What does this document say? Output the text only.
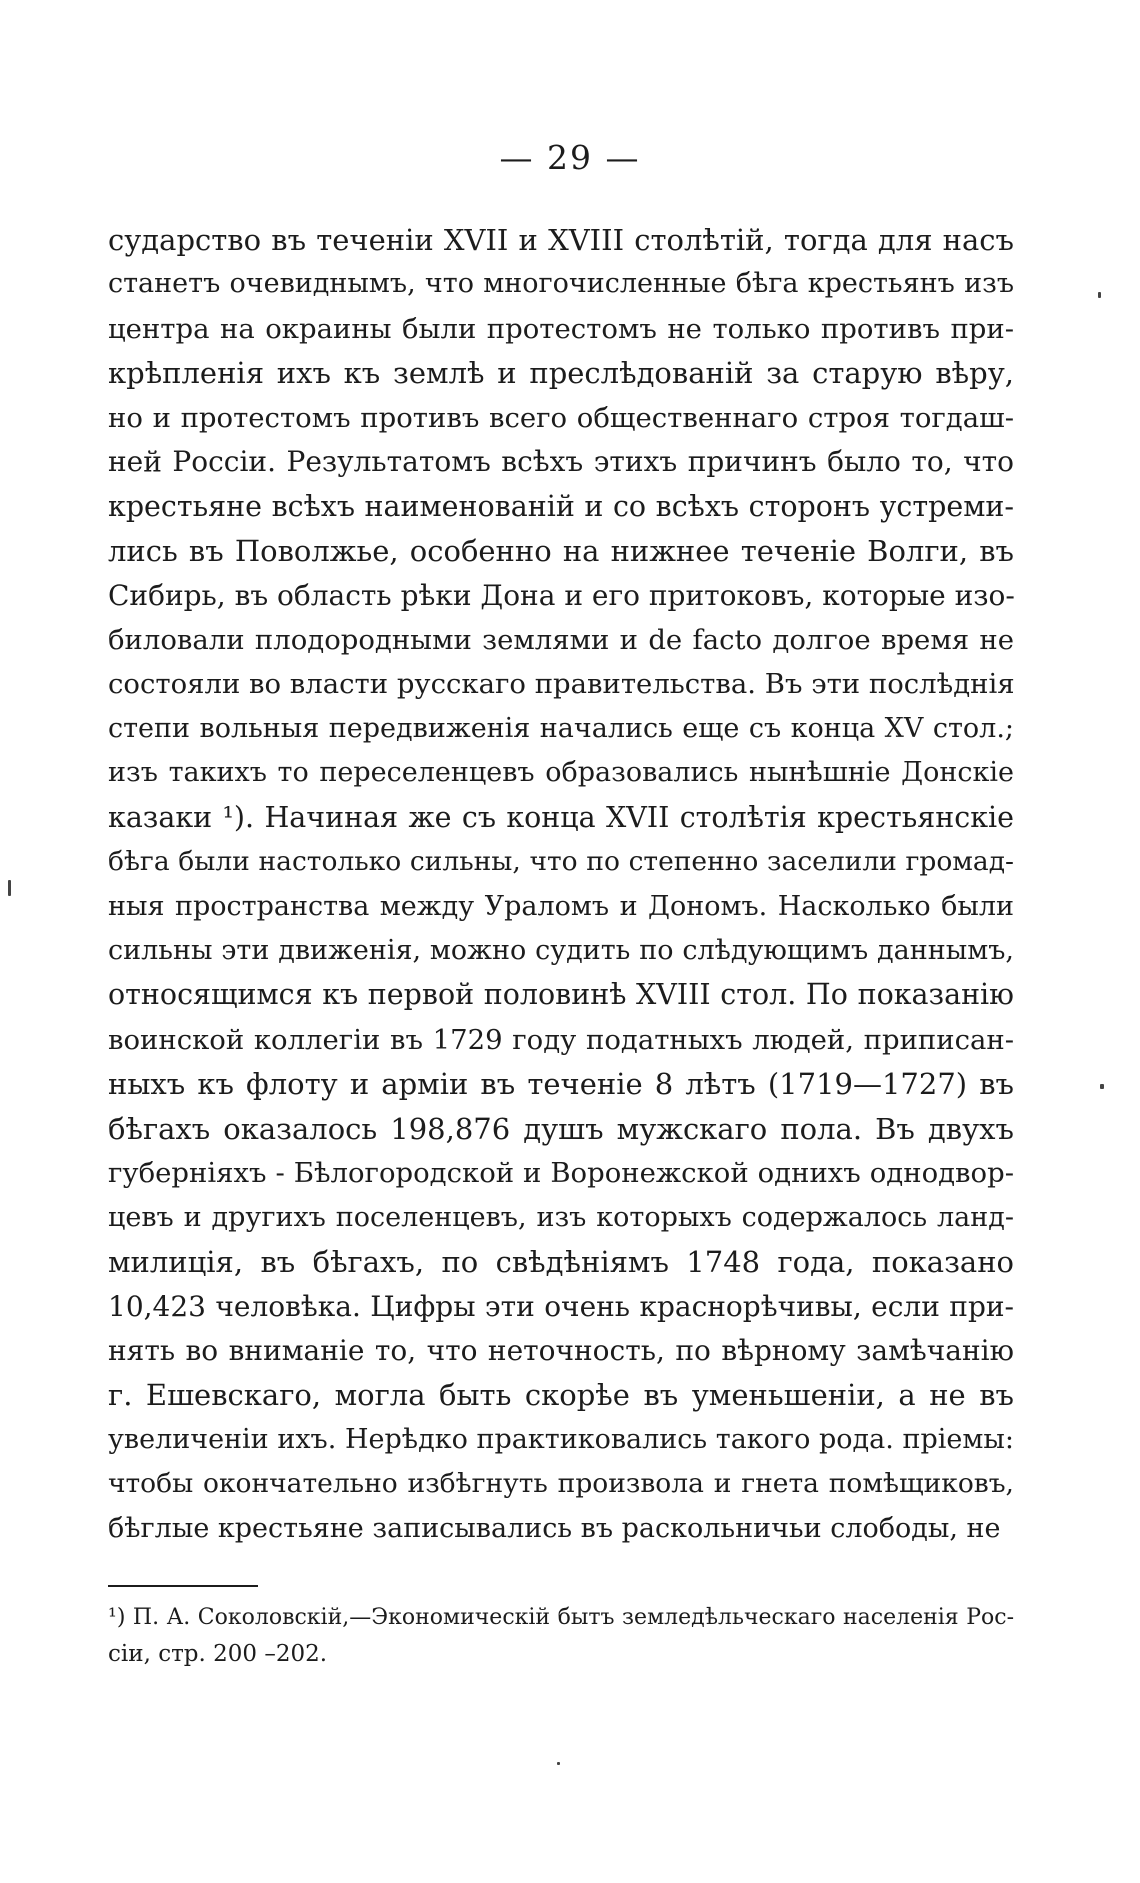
— 29 —
сударство въ теченіи XVII и XVIII столѣтій, тогда для насъ
станетъ очевиднымъ, что многочисленные бѣга крестьянъ изъ
центра на окраины были протестомъ не только противъ при-
крѣпленія ихъ къ землѣ и преслѣдованій за старую вѣру,
но и протестомъ противъ всего общественнаго строя тогдаш-
ней Россіи. Результатомъ всѣхъ этихъ причинъ было то, что
крестьяне всѣхъ наименованій и со всѣхъ сторонъ устреми-
лись въ Поволжье, особенно на нижнее теченіе Волги, въ
Сибирь, въ область рѣки Дона и его притоковъ, которые изо-
биловали плодородными землями и de facto долгое время не
состояли во власти русскаго правительства. Въ эти послѣднія
степи вольныя передвиженія начались еще съ конца XV стол.;
изъ такихъ то переселенцевъ образовались нынѣшніе Донскіе
казаки ¹). Начиная же съ конца XVII столѣтія крестьянскіе
бѣга были настолько сильны, что по степенно заселили громад-
ныя пространства между Ураломъ и Дономъ. Насколько были
сильны эти движенія, можно судить по слѣдующимъ даннымъ,
относящимся къ первой половинѣ XVIII стол. По показанію
воинской коллегіи въ 1729 году податныхъ людей, приписан-
ныхъ къ флоту и арміи въ теченіе 8 лѣтъ (1719—1727) въ
бѣгахъ оказалось 198,876 душъ мужскаго пола. Въ двухъ
губерніяхъ - Бѣлогородской и Воронежской однихъ однодвор-
цевъ и другихъ поселенцевъ, изъ которыхъ содержалось ланд-
милиція, въ бѣгахъ, по свѣдѣніямъ 1748 года, показано
10,423 человѣка. Цифры эти очень краснорѣчивы, если при-
нять во вниманіе то, что неточность, по вѣрному замѣчанію
г. Ешевскаго, могла быть скорѣе въ уменьшеніи, а не въ
увеличеніи ихъ. Нерѣдко практиковались такого рода. пріемы:
чтобы окончательно избѣгнуть произвола и гнета помѣщиковъ,
бѣглые крестьяне записывались въ раскольничьи слободы, не
¹) П. А. Соколовскій,—Экономическій бытъ земледѣльческаго населенія Рос-
сіи, стр. 200 –202.
